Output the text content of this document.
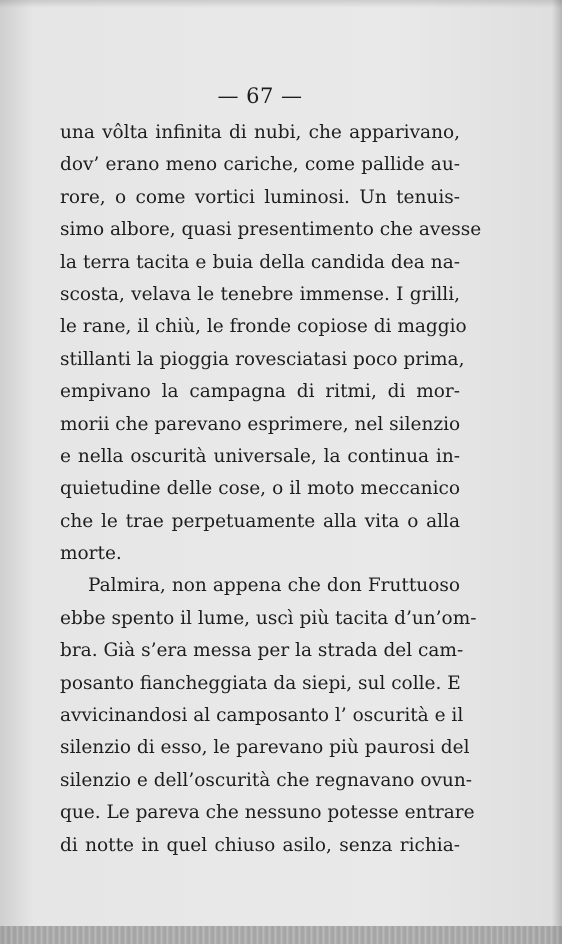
— 67 —
una vôlta infinita di nubi, che apparivano,
dov’ erano meno cariche, come pallide au-
rore, o come vortici luminosi. Un tenuis-
simo albore, quasi presentimento che avesse
la terra tacita e buia della candida dea na-
scosta, velava le tenebre immense. I grilli,
le rane, il chiù, le fronde copiose di maggio
stillanti la pioggia rovesciatasi poco prima,
empivano la campagna di ritmi, di mor-
morii che parevano esprimere, nel silenzio
e nella oscurità universale, la continua in-
quietudine delle cose, o il moto meccanico
che le trae perpetuamente alla vita o alla
morte.
Palmira, non appena che don Fruttuoso
ebbe spento il lume, uscì più tacita d’un’om-
bra. Già s’era messa per la strada del cam-
posanto fiancheggiata da siepi, sul colle. E
avvicinandosi al camposanto l’ oscurità e il
silenzio di esso, le parevano più paurosi del
silenzio e dell’oscurità che regnavano ovun-
que. Le pareva che nessuno potesse entrare
di notte in quel chiuso asilo, senza richia-
